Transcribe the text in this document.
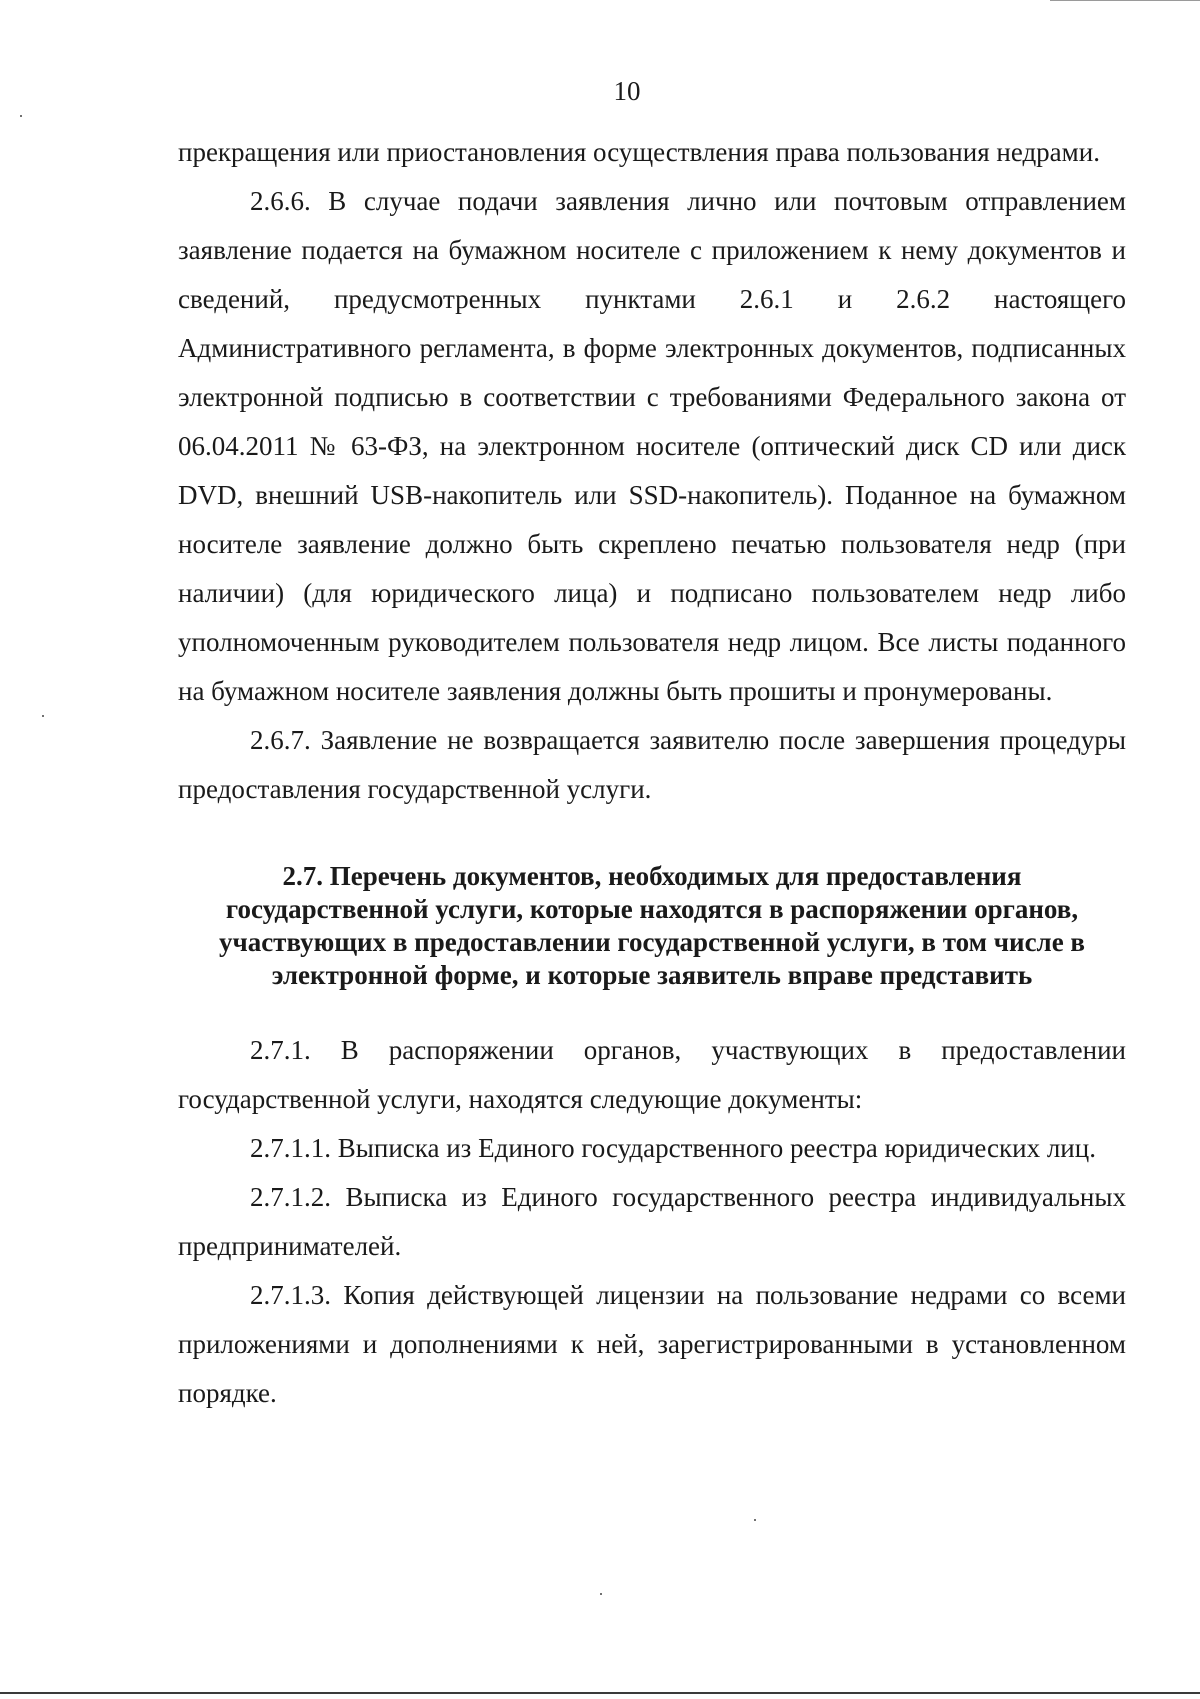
10

прекращения или приостановления осуществления права пользования недрами.

2.6.6. В случае подачи заявления лично или почтовым отправлением заявление подается на бумажном носителе с приложением к нему документов и сведений, предусмотренных пунктами 2.6.1 и 2.6.2 настоящего Административного регламента, в форме электронных документов, подписанных электронной подписью в соответствии с требованиями Федерального закона от 06.04.2011 № 63-ФЗ, на электронном носителе (оптический диск CD или диск DVD, внешний USB-накопитель или SSD-накопитель). Поданное на бумажном носителе заявление должно быть скреплено печатью пользователя недр (при наличии) (для юридического лица) и подписано пользователем недр либо уполномоченным руководителем пользователя недр лицом. Все листы поданного на бумажном носителе заявления должны быть прошиты и пронумерованы.

2.6.7. Заявление не возвращается заявителю после завершения процедуры предоставления государственной услуги.

2.7. Перечень документов, необходимых для предоставления государственной услуги, которые находятся в распоряжении органов, участвующих в предоставлении государственной услуги, в том числе в электронной форме, и которые заявитель вправе представить

2.7.1. В распоряжении органов, участвующих в предоставлении государственной услуги, находятся следующие документы:

2.7.1.1. Выписка из Единого государственного реестра юридических лиц.

2.7.1.2. Выписка из Единого государственного реестра индивидуальных предпринимателей.

2.7.1.3. Копия действующей лицензии на пользование недрами со всеми приложениями и дополнениями к ней, зарегистрированными в установленном порядке.
